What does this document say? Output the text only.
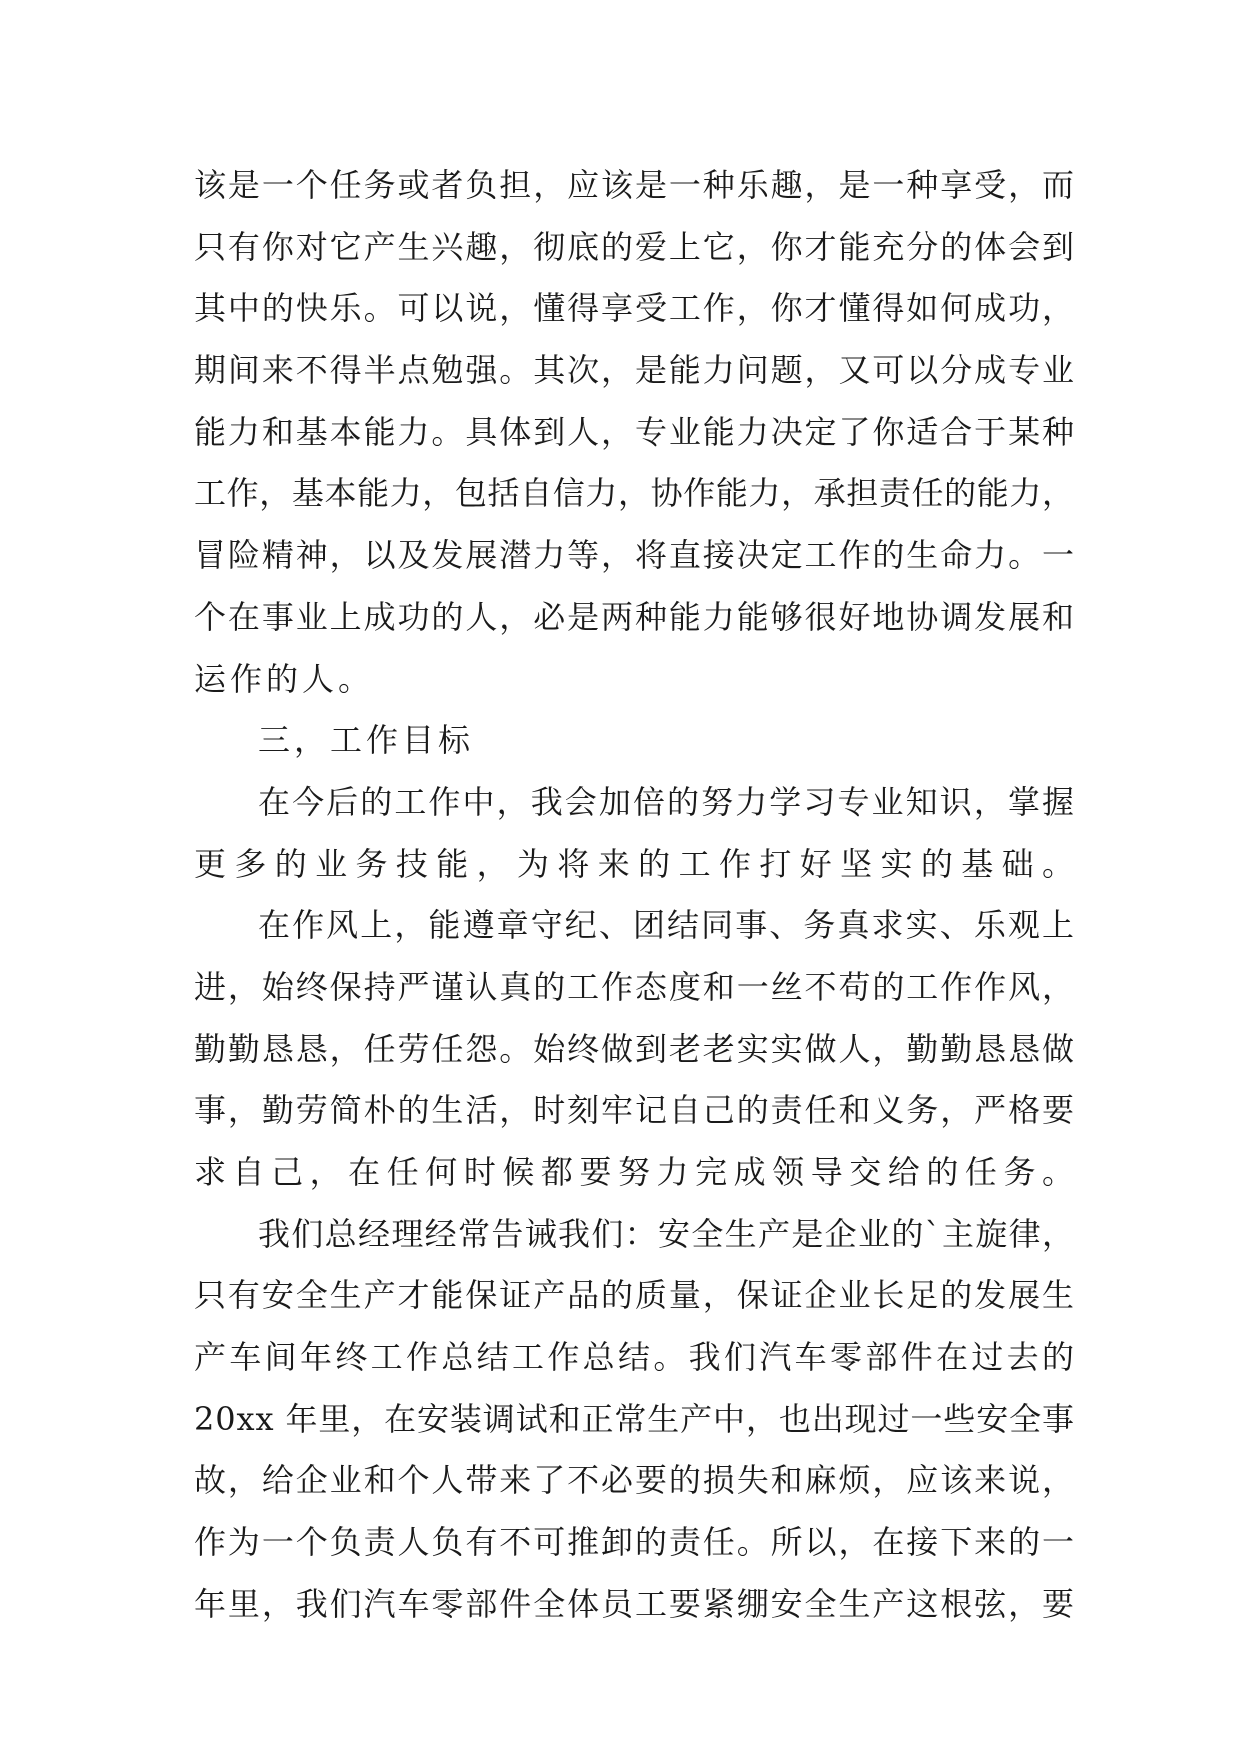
该是一个任务或者负担，应该是一种乐趣，是一种享受，而
只有你对它产生兴趣，彻底的爱上它，你才能充分的体会到
其中的快乐。可以说，懂得享受工作，你才懂得如何成功，
期间来不得半点勉强。其次，是能力问题，又可以分成专业
能力和基本能力。具体到人，专业能力决定了你适合于某种
工作，基本能力，包括自信力，协作能力，承担责任的能力，
冒险精神，以及发展潜力等，将直接决定工作的生命力。一
个在事业上成功的人，必是两种能力能够很好地协调发展和
运作的人。
三，工作目标
在今后的工作中，我会加倍的努力学习专业知识，掌握
更多的业务技能，为将来的工作打好坚实的基础。
在作风上，能遵章守纪、团结同事、务真求实、乐观上
进，始终保持严谨认真的工作态度和一丝不苟的工作作风，
勤勤恳恳，任劳任怨。始终做到老老实实做人，勤勤恳恳做
事，勤劳简朴的生活，时刻牢记自己的责任和义务，严格要
求自己，在任何时候都要努力完成领导交给的任务。
我们总经理经常告诫我们：安全生产是企业的`主旋律，
只有安全生产才能保证产品的质量，保证企业长足的发展生
产车间年终工作总结工作总结。我们汽车零部件在过去的
20xx 年里，在安装调试和正常生产中，也出现过一些安全事
故，给企业和个人带来了不必要的损失和麻烦，应该来说，
作为一个负责人负有不可推卸的责任。所以，在接下来的一
年里，我们汽车零部件全体员工要紧绷安全生产这根弦，要
